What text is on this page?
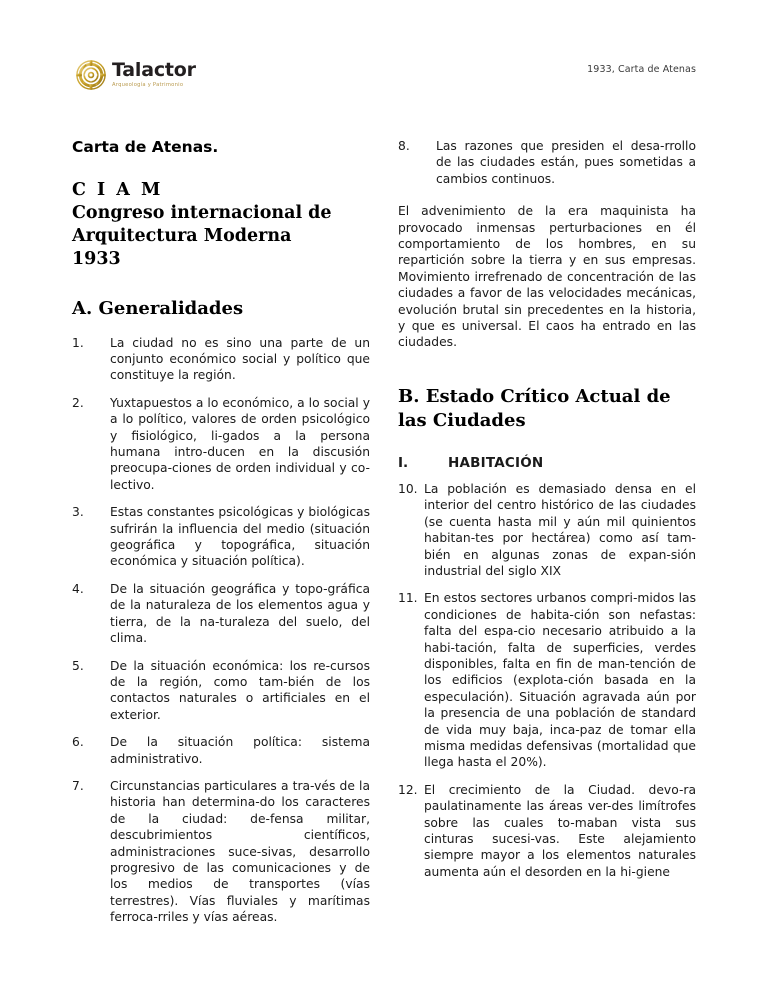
Talactor
Arqueología y Patrimonio
1933, Carta de Atenas
Carta de Atenas.
C I A M
Congreso internacional de
Arquitectura Moderna
1933
A. Generalidades
1.	La ciudad no es sino una parte de un conjunto económico social y político que constituye la región.
2.	Yuxtapuestos a lo económico, a lo social y a lo político, valores de orden psicológico y fisiológico, li-gados a la persona humana intro-ducen en la discusión preocupa-ciones de orden individual y co-lectivo.
3.	Estas constantes psicológicas y biológicas sufrirán la influencia del medio (situación geográfica y topográfica, situación económica y situación política).
4.	De la situación geográfica y topo-gráfica de la naturaleza de los elementos agua y tierra, de la na-turaleza del suelo, del clima.
5.	De la situación económica: los re-cursos de la región, como tam-bién de los contactos naturales o artificiales en el exterior.
6.	De la situación política: sistema administrativo.
7.	Circunstancias particulares a tra-vés de la historia han determina-do los caracteres de la ciudad: de-fensa militar, descubrimientos científicos, administraciones suce-sivas, desarrollo progresivo de las comunicaciones y de los medios de transportes (vías terrestres). Vías fluviales y marítimas ferroca-rriles y vías aéreas.
8.	Las razones que presiden el desa-rrollo de las ciudades están, pues sometidas a cambios continuos.

El advenimiento de la era maquinista ha provocado inmensas perturbaciones en él comportamiento de los hombres, en su repartición sobre la tierra y en sus empresas. Movimiento irrefrenado de concentración de las ciudades a favor de las velocidades mecánicas, evolución brutal sin precedentes en la historia, y que es universal. El caos ha entrado en las ciudades.

B. Estado Crítico Actual de
las Ciudades
I.	HABITACIÓN
10. La población es demasiado densa en el interior del centro histórico de las ciudades (se cuenta hasta mil y aún mil quinientos habitan-tes por hectárea) como así tam-bién en algunas zonas de expan-sión industrial del siglo XIX
11. En estos sectores urbanos compri-midos las condiciones de habita-ción son nefastas: falta del espa-cio necesario atribuido a la habi-tación, falta de superficies, verdes disponibles, falta en fin de man-tención de los edificios (explota-ción basada en la especulación). Situación agravada aún por la presencia de una población de standard de vida muy baja, inca-paz de tomar ella misma medidas defensivas (mortalidad que llega hasta el 20%).
12. El crecimiento de la Ciudad. devo-ra paulatinamente las áreas ver-des limítrofes sobre las cuales to-maban vista sus cinturas sucesi-vas. Este alejamiento siempre mayor a los elementos naturales aumenta aún el desorden en la hi-giene
